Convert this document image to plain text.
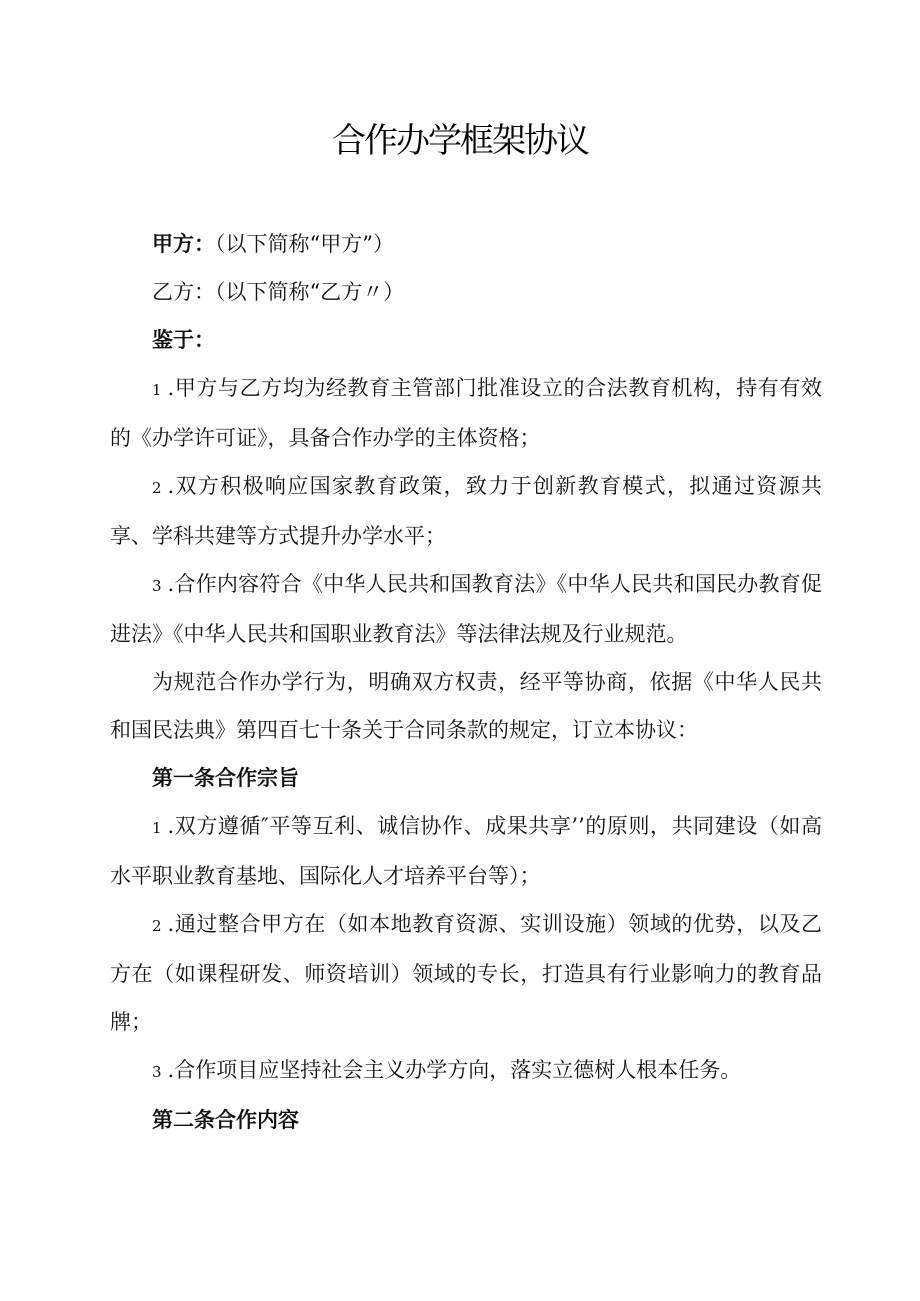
合作办学框架协议

甲方：（以下简称“甲方”）

乙方：（以下简称“乙方〃）

鉴于：

1 .甲方与乙方均为经教育主管部门批准设立的合法教育机构，持有有效的《办学许可证》，具备合作办学的主体资格；

2 .双方积极响应国家教育政策，致力于创新教育模式，拟通过资源共享、学科共建等方式提升办学水平；

3 .合作内容符合《中华人民共和国教育法》《中华人民共和国民办教育促进法》《中华人民共和国职业教育法》等法律法规及行业规范。

为规范合作办学行为，明确双方权责，经平等协商，依据《中华人民共和国民法典》第四百七十条关于合同条款的规定，订立本协议：

第一条合作宗旨

1 .双方遵循″平等互利、诚信协作、成果共享’’的原则，共同建设（如高水平职业教育基地、国际化人才培养平台等）；

2 .通过整合甲方在（如本地教育资源、实训设施）领域的优势，以及乙方在（如课程研发、师资培训）领域的专长，打造具有行业影响力的教育品牌；

3 .合作项目应坚持社会主义办学方向，落实立德树人根本任务。

第二条合作内容
